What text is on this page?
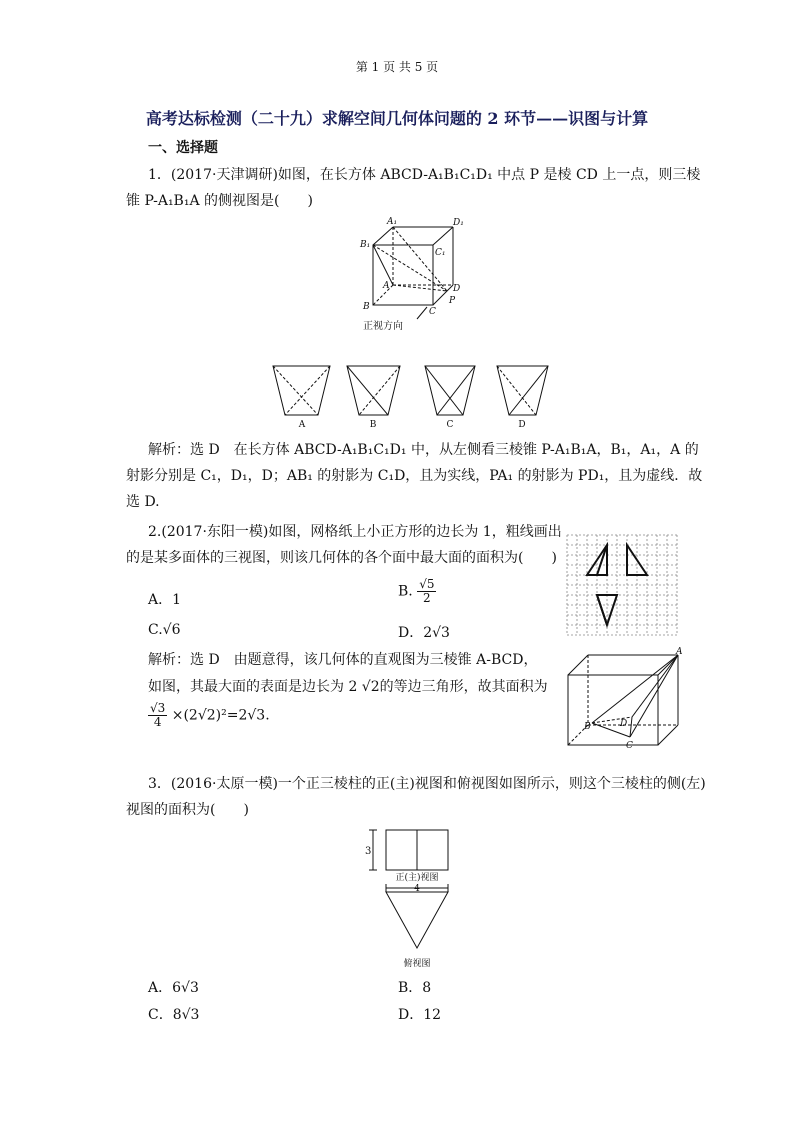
第 1 页 共 5 页
高考达标检测（二十九）求解空间几何体问题的 2 环节——识图与计算
一、选择题
1．(2017·天津调研)如图，在长方体 ABCD-A₁B₁C₁D₁ 中点 P 是棱 CD 上一点，则三棱
锥 P-A₁B₁A 的侧视图是(　　)
A₁	D₁
B₁
C₁
A	D
B	C
P
正视方向
A	B	C	D
解析：选 D　在长方体 ABCD-A₁B₁C₁D₁ 中，从左侧看三棱锥 P-A₁B₁A，B₁，A₁，A 的
射影分别是 C₁，D₁，D；AB₁ 的射影为 C₁D，且为实线，PA₁ 的射影为 PD₁，且为虚线．故
选 D.
2.(2017·东阳一模)如图，网格纸上小正方形的边长为 1，粗线画出
的是某多面体的三视图，则该几何体的各个面中最大面的面积为(　　)
A．1
B. $\frac{√5}{2}$
C.√6	D．2√3
解析：选 D　由题意得，该几何体的直观图为三棱锥 A-BCD，
如图，其最大面的表面是边长为 2 √2的等边三角形，故其面积为
$\frac{√3}{4} \times(2√2)^2=2√3$.
A
B	D
C
3．(2016·太原一模)一个正三棱柱的正(主)视图和俯视图如图所示，则这个三棱柱的侧(左)
视图的面积为(　　)
3
4
正(主)视图
俯视图
A．6√3	B．8
C．8√3	D．12
